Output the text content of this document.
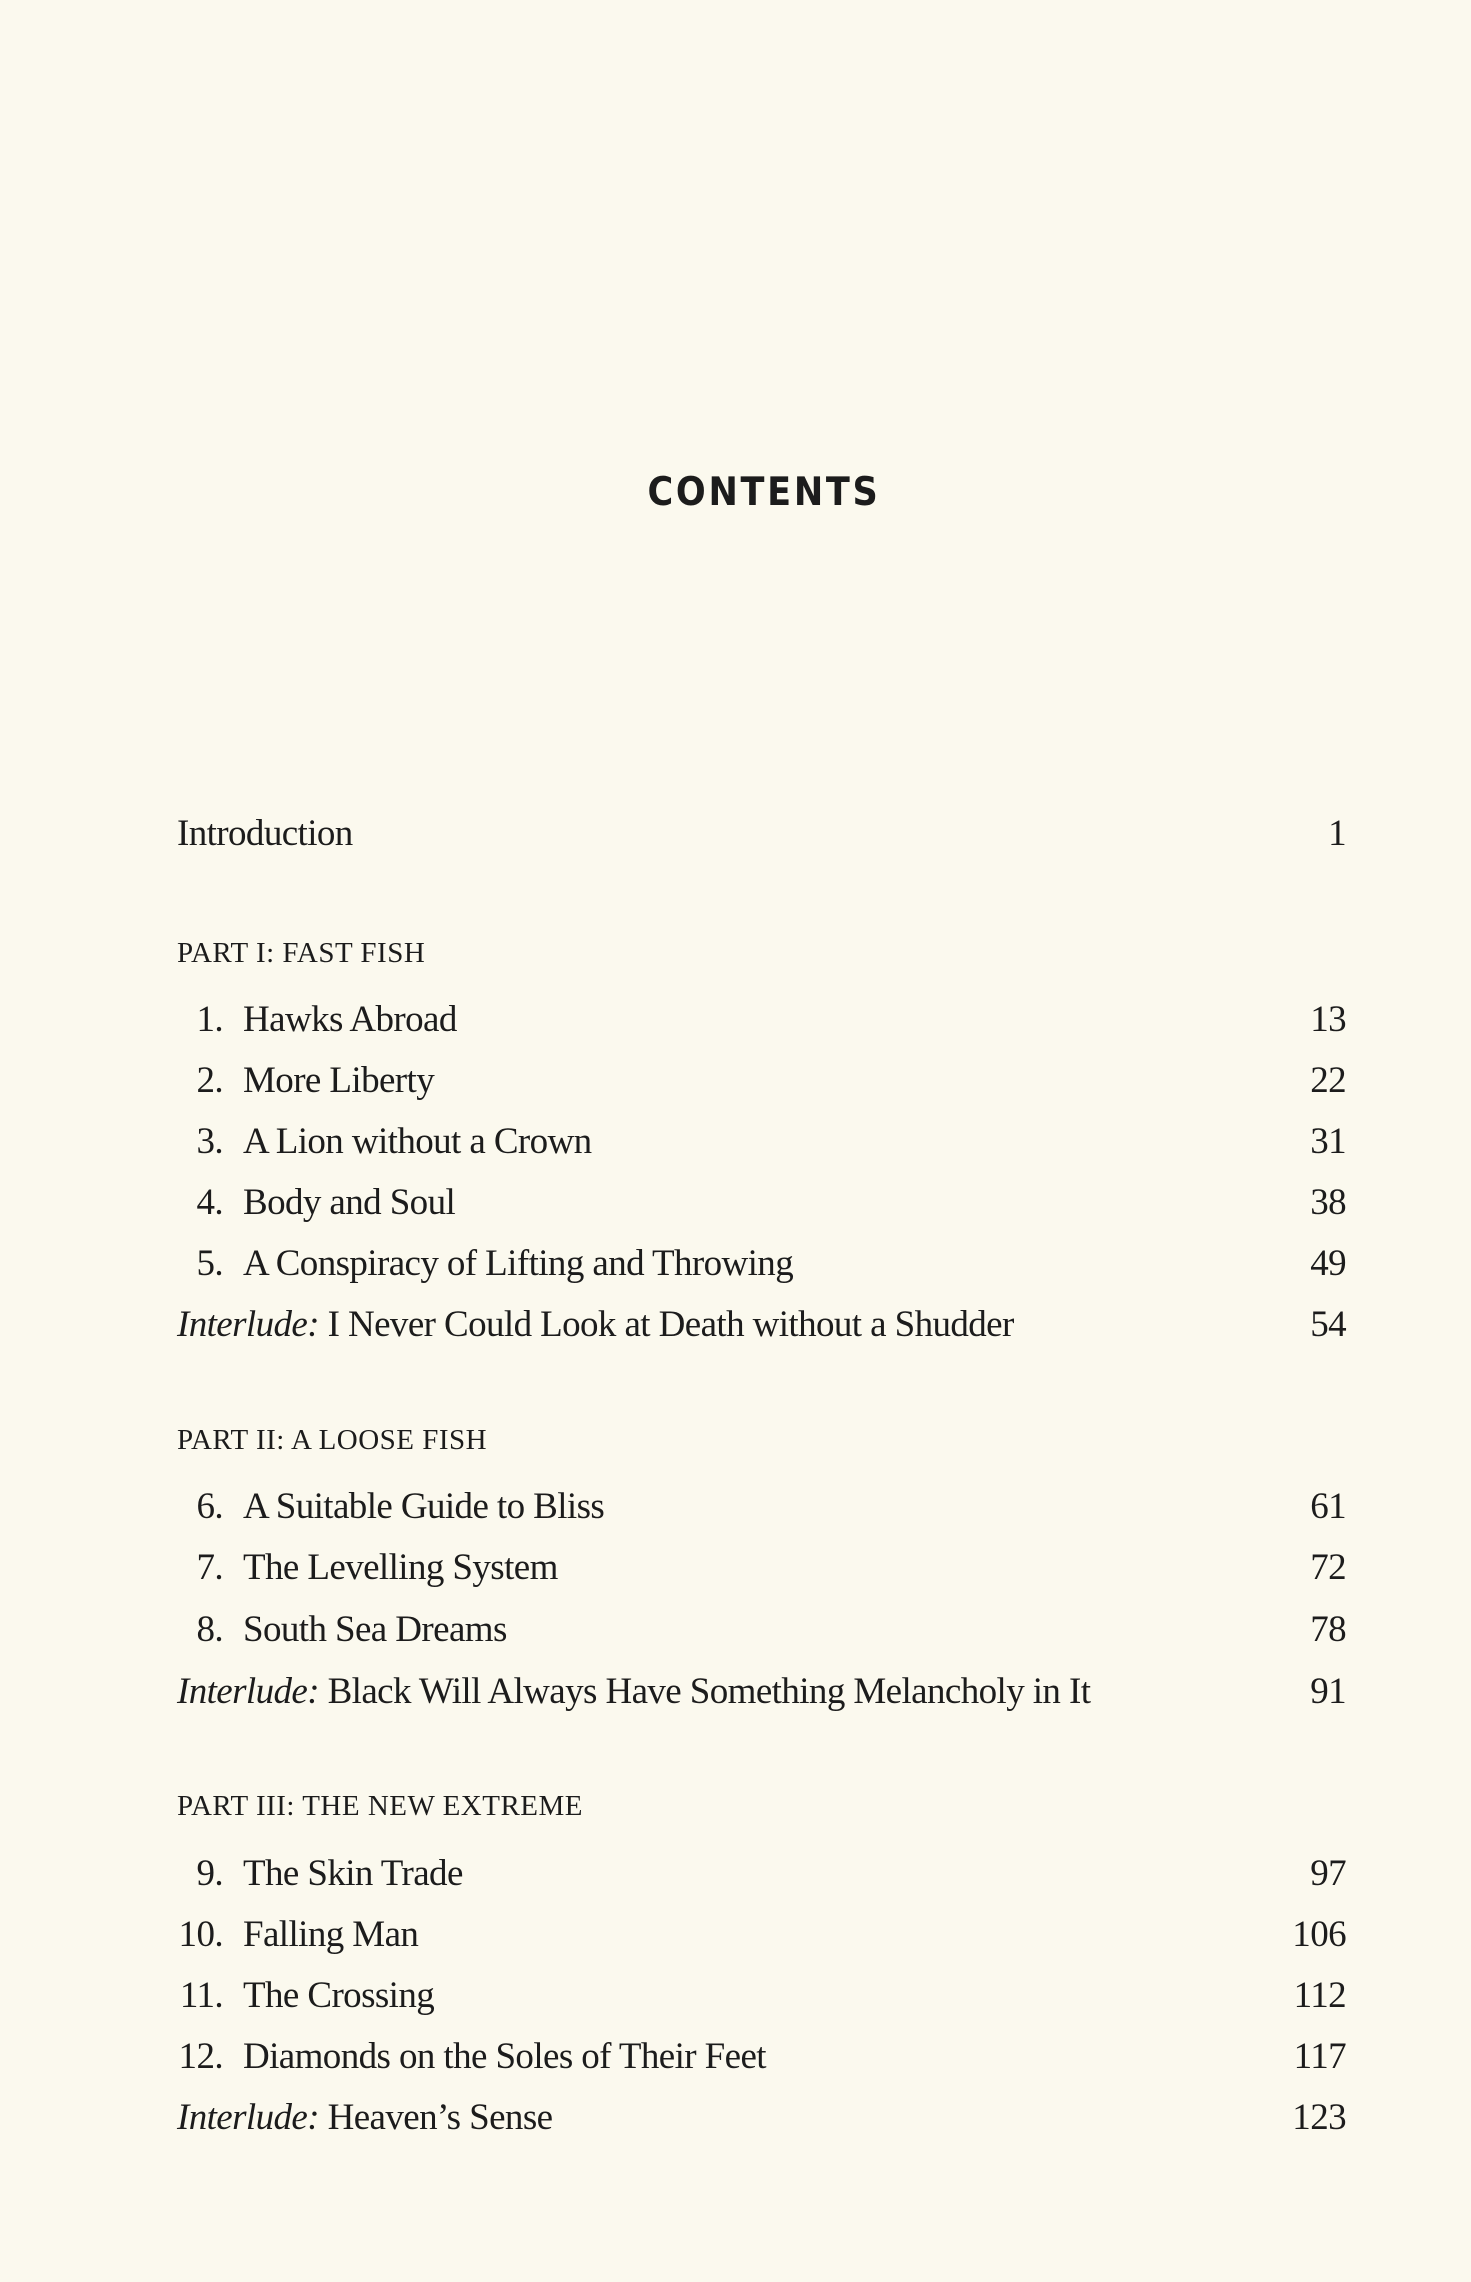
CONTENTS
Introduction	1
PART I: FAST FISH
1. Hawks Abroad	13
2. More Liberty	22
3. A Lion without a Crown	31
4. Body and Soul	38
5. A Conspiracy of Lifting and Throwing	49
Interlude: I Never Could Look at Death without a Shudder	54
PART II: A LOOSE FISH
6. A Suitable Guide to Bliss	61
7. The Levelling System	72
8. South Sea Dreams	78
Interlude: Black Will Always Have Something Melancholy in It	91
PART III: THE NEW EXTREME
9. The Skin Trade	97
10. Falling Man	106
11. The Crossing	112
12. Diamonds on the Soles of Their Feet	117
Interlude: Heaven’s Sense	123
